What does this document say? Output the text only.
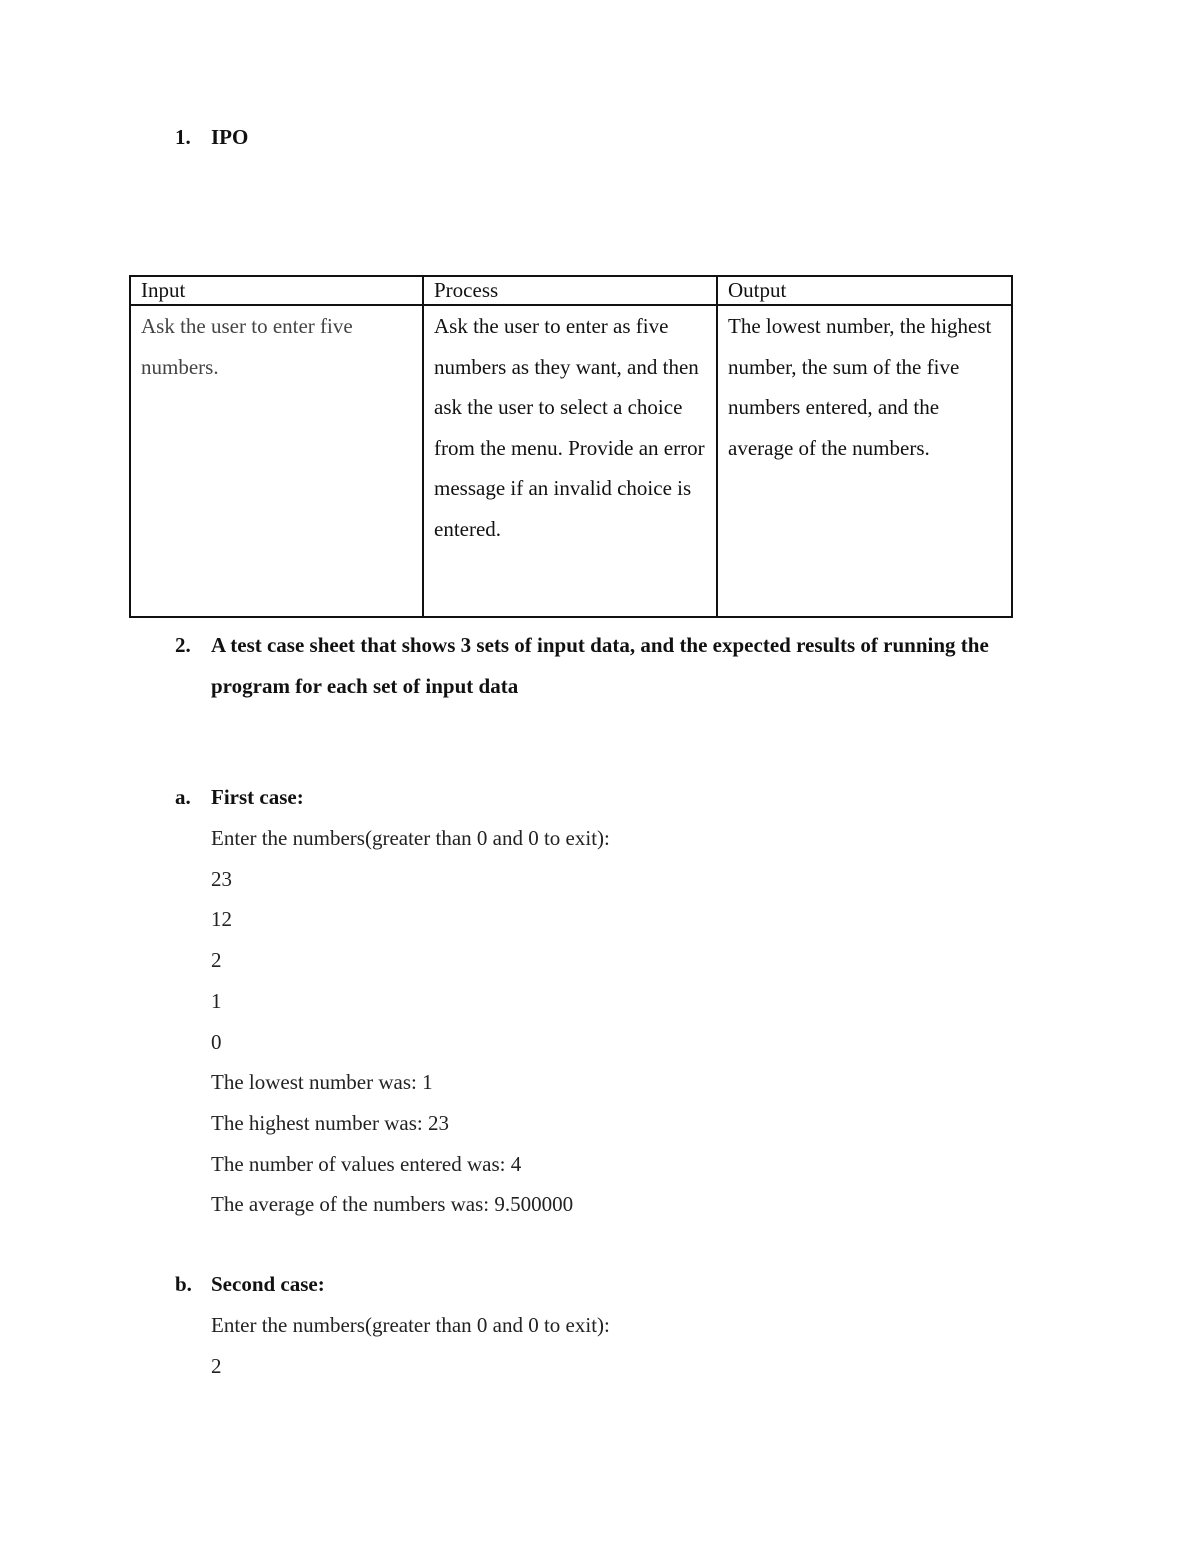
1. IPO
Input	Process	Output
Ask the user to enter five numbers.	Ask the user to enter as five numbers as they want, and then ask the user to select a choice from the menu. Provide an error message if an invalid choice is entered.	The lowest number, the highest number, the sum of the five numbers entered, and the average of the numbers.
2. A test case sheet that shows 3 sets of input data, and the expected results of running the program for each set of input data
a. First case:
Enter the numbers(greater than 0 and 0 to exit):
23
12
2
1
0
The lowest number was: 1
The highest number was: 23
The number of values entered was: 4
The average of the numbers was: 9.500000
b. Second case:
Enter the numbers(greater than 0 and 0 to exit):
2
